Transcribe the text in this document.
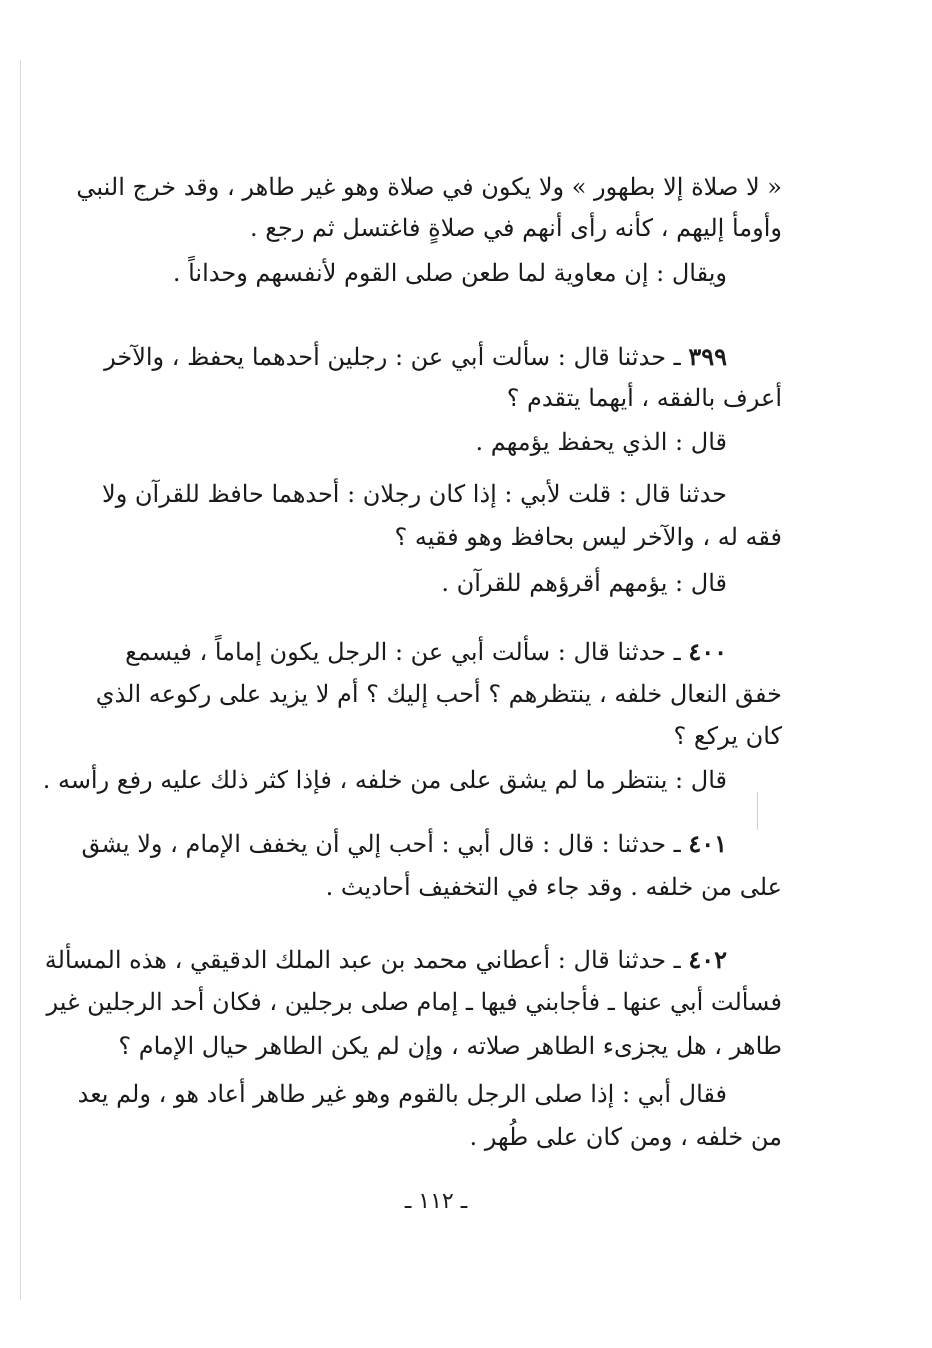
« لا صلاة إلا بطهور » ولا يكون في صلاة وهو غير طاهر ، وقد خرج النبي
وأومأ إليهم ، كأنه رأى أنهم في صلاةٍ فاغتسل ثم رجع .
ويقال : إن معاوية لما طعن صلى القوم لأنفسهم وحداناً .
٣٩٩ ـ حدثنا قال : سألت أبي عن : رجلين أحدهما يحفظ ، والآخر
أعرف بالفقه ، أيهما يتقدم ؟
قال : الذي يحفظ يؤمهم .
حدثنا قال : قلت لأبي : إذا كان رجلان : أحدهما حافظ للقرآن ولا
فقه له ، والآخر ليس بحافظ وهو فقيه ؟
قال : يؤمهم أقرؤهم للقرآن .
٤٠٠ ـ حدثنا قال : سألت أبي عن : الرجل يكون إماماً ، فيسمع
خفق النعال خلفه ، ينتظرهم ؟ أحب إليك ؟ أم لا يزيد على ركوعه الذي
كان يركع ؟
قال : ينتظر ما لم يشق على من خلفه ، فإذا كثر ذلك عليه رفع رأسه .
٤٠١ ـ حدثنا : قال : قال أبي : أحب إلي أن يخفف الإمام ، ولا يشق
على من خلفه . وقد جاء في التخفيف أحاديث .
٤٠٢ ـ حدثنا قال : أعطاني محمد بن عبد الملك الدقيقي ، هذه المسألة
فسألت أبي عنها ـ فأجابني فيها ـ إمام صلى برجلين ، فكان أحد الرجلين غير
طاهر ، هل يجزىء الطاهر صلاته ، وإن لم يكن الطاهر حيال الإمام ؟
فقال أبي : إذا صلى الرجل بالقوم وهو غير طاهر أعاد هو ، ولم يعد
من خلفه ، ومن كان على طُهر .
ـ ١١٢ ـ
